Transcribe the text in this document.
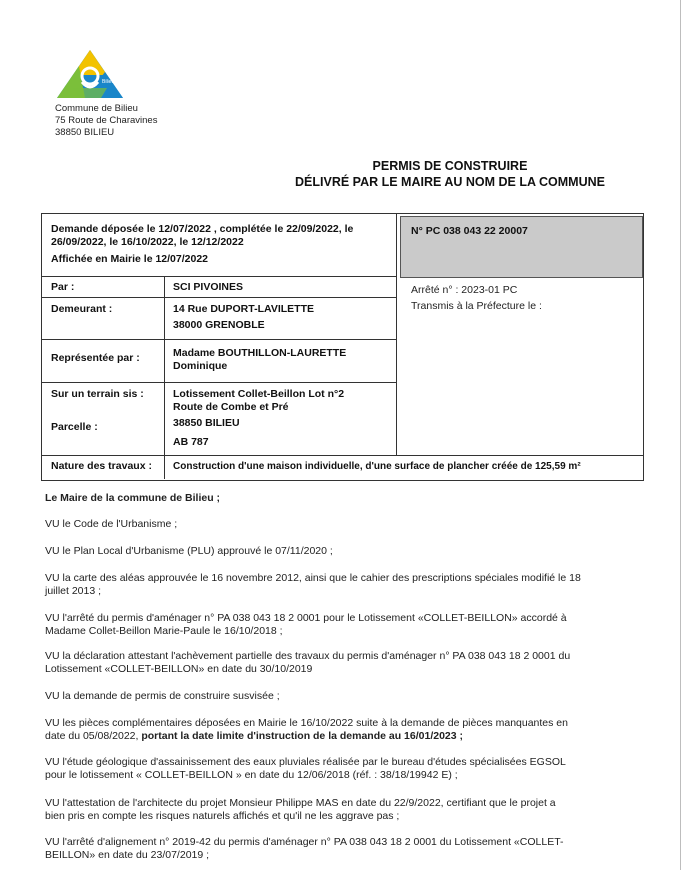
Bilieu
Commune de Bilieu
75 Route de Charavines
38850 BILIEU
PERMIS DE CONSTRUIRE
DÉLIVRÉ PAR LE MAIRE AU NOM DE LA COMMUNE
Demande déposée le 12/07/2022 , complétée le 22/09/2022, le
26/09/2022, le 16/10/2022, le 12/12/2022
Affichée en Mairie le 12/07/2022
N° PC 038 043 22 20007
Arrêté n° : 2023-01 PC
Transmis à la Préfecture le :
Par :	SCI PIVOINES
Demeurant :	14 Rue DUPORT-LAVILETTE
38000 GRENOBLE
Représentée par :	Madame BOUTHILLON-LAURETTE
Dominique
Sur un terrain sis :	Lotissement Collet-Beillon Lot n°2
Route de Combe et Pré
38850 BILIEU
Parcelle :
AB 787
Nature des travaux : Construction d'une maison individuelle, d'une surface de plancher créée de 125,59 m²
Le Maire de la commune de Bilieu ;
VU le Code de l'Urbanisme ;
VU le Plan Local d'Urbanisme (PLU) approuvé le 07/11/2020 ;
VU la carte des aléas approuvée le 16 novembre 2012, ainsi que le cahier des prescriptions spéciales modifié le 18
juillet 2013 ;
VU l'arrêté du permis d'aménager n° PA 038 043 18 2 0001 pour le Lotissement «COLLET-BEILLON» accordé à
Madame Collet-Beillon Marie-Paule le 16/10/2018 ;
VU la déclaration attestant l'achèvement partielle des travaux du permis d'aménager n° PA 038 043 18 2 0001 du
Lotissement «COLLET-BEILLON» en date du 30/10/2019
VU la demande de permis de construire susvisée ;
VU les pièces complémentaires déposées en Mairie le 16/10/2022 suite à la demande de pièces manquantes en
date du 05/08/2022, portant la date limite d'instruction de la demande au 16/01/2023 ;
VU l'étude géologique d'assainissement des eaux pluviales réalisée par le bureau d'études spécialisées EGSOL
pour le lotissement « COLLET-BEILLON » en date du 12/06/2018 (réf. : 38/18/19942 E) ;
VU l'attestation de l'architecte du projet Monsieur Philippe MAS en date du 22/9/2022, certifiant que le projet a
bien pris en compte les risques naturels affichés et qu'il ne les aggrave pas ;
VU l'arrêté d'alignement n° 2019-42 du permis d'aménager n° PA 038 043 18 2 0001 du Lotissement «COLLET-
BEILLON» en date du 23/07/2019 ;
